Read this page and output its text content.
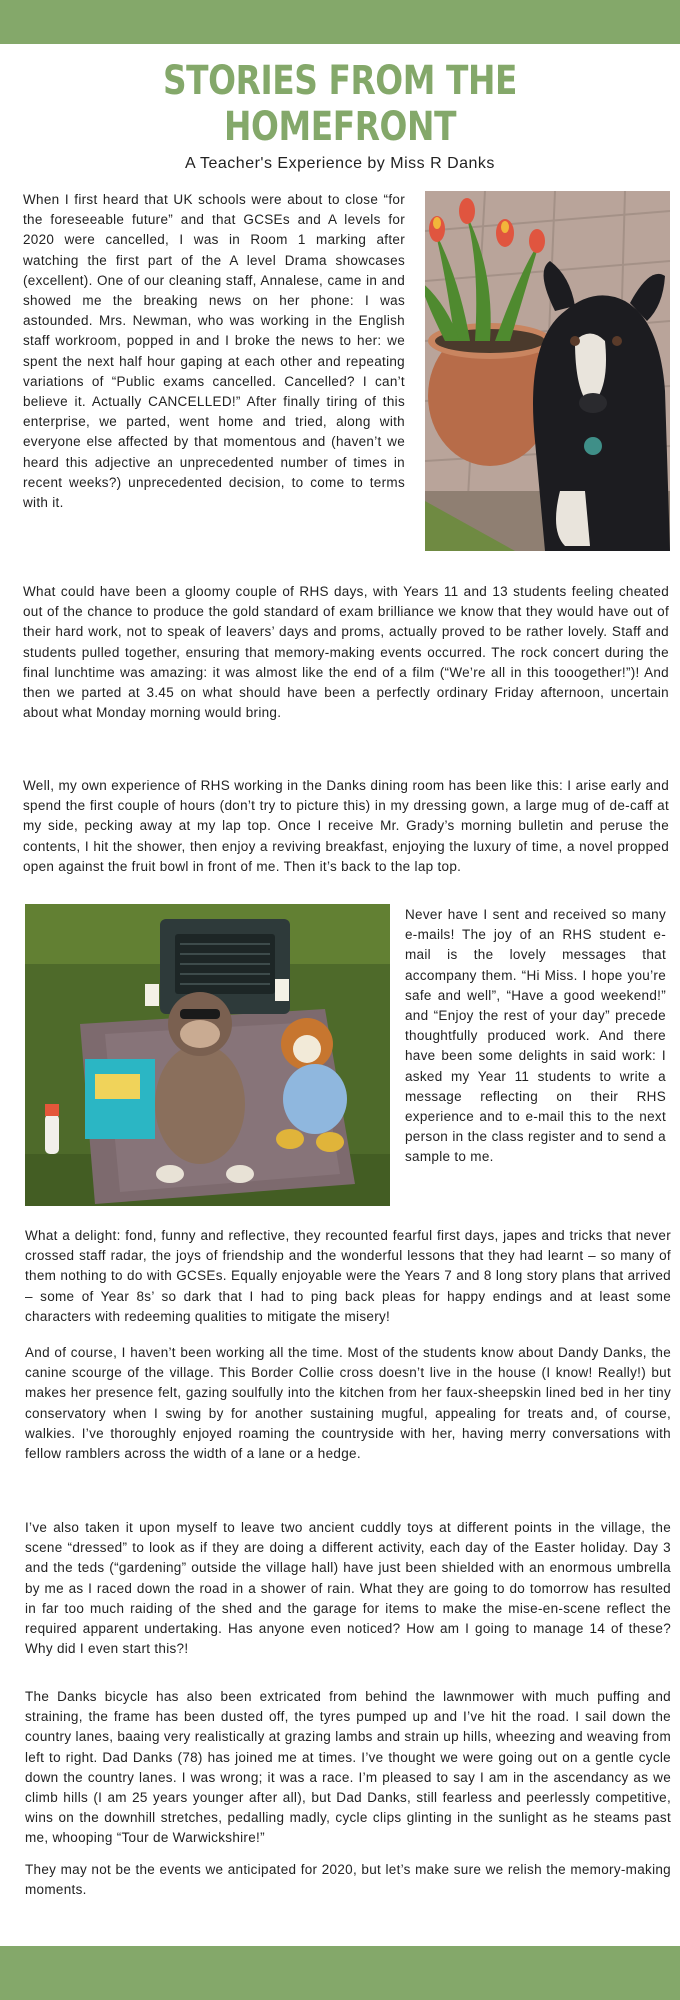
STORIES FROM THE
HOMEFRONT
A Teacher's Experience by Miss R Danks

When I first heard that UK schools were about to close “for the foreseeable future” and that GCSEs and A levels for 2020 were cancelled, I was in Room 1 marking after watching the first part of the A level Drama showcases (excellent). One of our cleaning staff, Annalese, came in and showed me the breaking news on her phone: I was astounded. Mrs. Newman, who was working in the English staff workroom, popped in and I broke the news to her: we spent the next half hour gaping at each other and repeating variations of “Public exams cancelled. Cancelled? I can’t believe it. Actually CANCELLED!” After finally tiring of this enterprise, we parted, went home and tried, along with everyone else affected by that momentous and (haven’t we heard this adjective an unprecedented number of times in recent weeks?) unprecedented decision, to come to terms with it.

What could have been a gloomy couple of RHS days, with Years 11 and 13 students feeling cheated out of the chance to produce the gold standard of exam brilliance we know that they would have out of their hard work, not to speak of leavers’ days and proms, actually proved to be rather lovely. Staff and students pulled together, ensuring that memory-making events occurred. The rock concert during the final lunchtime was amazing: it was almost like the end of a film (“We’re all in this tooogether!”)! And then we parted at 3.45 on what should have been a perfectly ordinary Friday afternoon, uncertain about what Monday morning would bring.

Well, my own experience of RHS working in the Danks dining room has been like this: I arise early and spend the first couple of hours (don’t try to picture this) in my dressing gown, a large mug of de-caff at my side, pecking away at my lap top. Once I receive Mr. Grady’s morning bulletin and peruse the contents, I hit the shower, then enjoy a reviving breakfast, enjoying the luxury of time, a novel propped open against the fruit bowl in front of me. Then it’s back to the lap top.

Never have I sent and received so many e-mails! The joy of an RHS student e-mail is the lovely messages that accompany them. “Hi Miss. I hope you’re safe and well”, “Have a good weekend!” and “Enjoy the rest of your day” precede thoughtfully produced work. And there have been some delights in said work: I asked my Year 11 students to write a message reflecting on their RHS experience and to e-mail this to the next person in the class register and to send a sample to me.

What a delight: fond, funny and reflective, they recounted fearful first days, japes and tricks that never crossed staff radar, the joys of friendship and the wonderful lessons that they had learnt – so many of them nothing to do with GCSEs. Equally enjoyable were the Years 7 and 8 long story plans that arrived – some of Year 8s’ so dark that I had to ping back pleas for happy endings and at least some characters with redeeming qualities to mitigate the misery!

And of course, I haven’t been working all the time. Most of the students know about Dandy Danks, the canine scourge of the village. This Border Collie cross doesn’t live in the house (I know! Really!) but makes her presence felt, gazing soulfully into the kitchen from her faux-sheepskin lined bed in her tiny conservatory when I swing by for another sustaining mugful, appealing for treats and, of course, walkies. I’ve thoroughly enjoyed roaming the countryside with her, having merry conversations with fellow ramblers across the width of a lane or a hedge.

I’ve also taken it upon myself to leave two ancient cuddly toys at different points in the village, the scene “dressed” to look as if they are doing a different activity, each day of the Easter holiday. Day 3 and the teds (“gardening” outside the village hall) have just been shielded with an enormous umbrella by me as I raced down the road in a shower of rain. What they are going to do tomorrow has resulted in far too much raiding of the shed and the garage for items to make the mise-en-scene reflect the required apparent undertaking. Has anyone even noticed? How am I going to manage 14 of these? Why did I even start this?!

The Danks bicycle has also been extricated from behind the lawnmower with much puffing and straining, the frame has been dusted off, the tyres pumped up and I’ve hit the road. I sail down the country lanes, baaing very realistically at grazing lambs and strain up hills, wheezing and weaving from left to right. Dad Danks (78) has joined me at times. I’ve thought we were going out on a gentle cycle down the country lanes. I was wrong; it was a race. I’m pleased to say I am in the ascendancy as we climb hills (I am 25 years younger after all), but Dad Danks, still fearless and peerlessly competitive, wins on the downhill stretches, pedalling madly, cycle clips glinting in the sunlight as he steams past me, whooping “Tour de Warwickshire!”

They may not be the events we anticipated for 2020, but let’s make sure we relish the memory-making moments.
